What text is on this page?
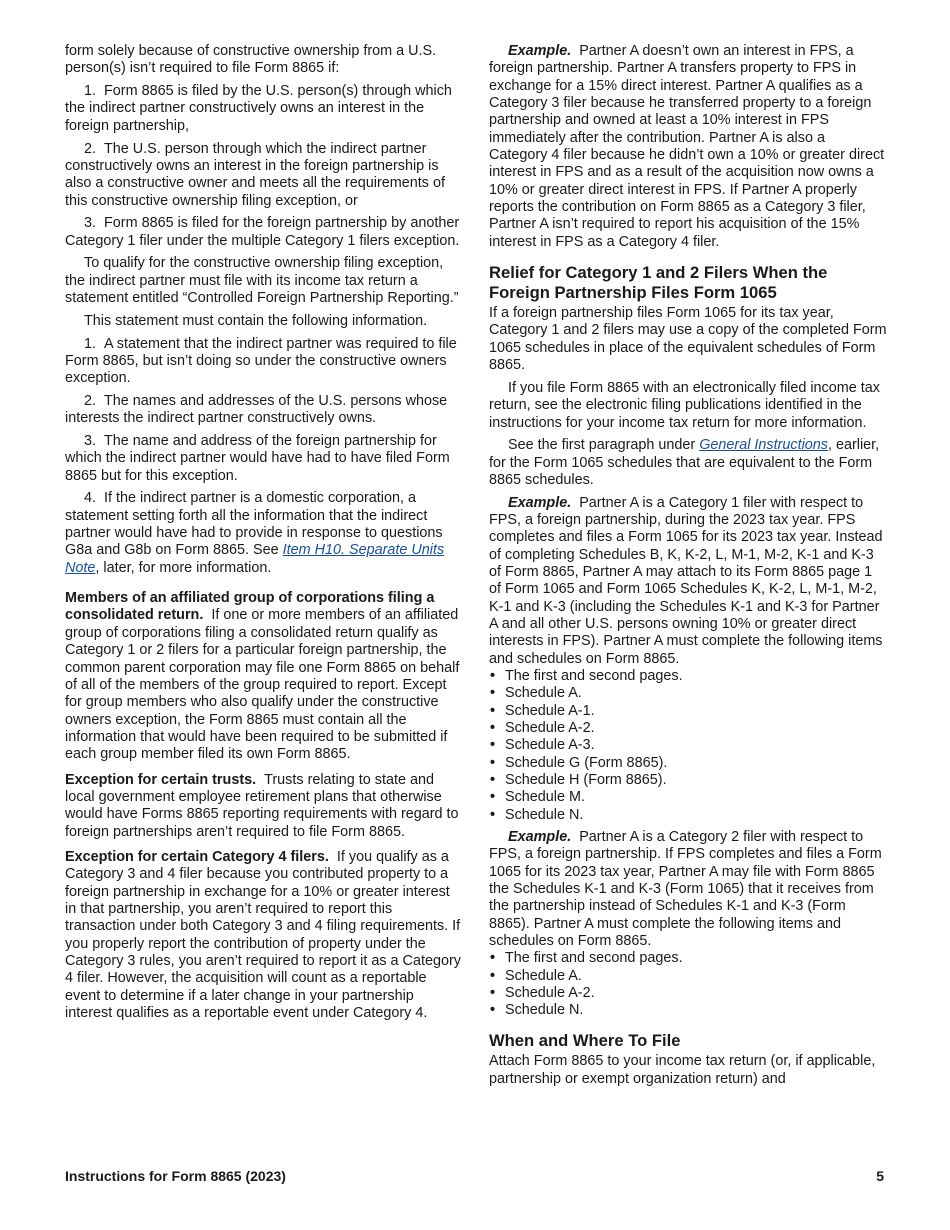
form solely because of constructive ownership from a U.S. person(s) isn’t required to file Form 8865 if:

1.  Form 8865 is filed by the U.S. person(s) through which the indirect partner constructively owns an interest in the foreign partnership,

2.  The U.S. person through which the indirect partner constructively owns an interest in the foreign partnership is also a constructive owner and meets all the requirements of this constructive ownership filing exception, or

3.  Form 8865 is filed for the foreign partnership by another Category 1 filer under the multiple Category 1 filers exception.

To qualify for the constructive ownership filing exception, the indirect partner must file with its income tax return a statement entitled “Controlled Foreign Partnership Reporting.”

This statement must contain the following information.

1.  A statement that the indirect partner was required to file Form 8865, but isn’t doing so under the constructive owners exception.

2.  The names and addresses of the U.S. persons whose interests the indirect partner constructively owns.

3.  The name and address of the foreign partnership for which the indirect partner would have had to have filed Form 8865 but for this exception.

4.  If the indirect partner is a domestic corporation, a statement setting forth all the information that the indirect partner would have had to provide in response to questions G8a and G8b on Form 8865. See Item H10. Separate Units Note, later, for more information.

Members of an affiliated group of corporations filing a consolidated return. If one or more members of an affiliated group of corporations filing a consolidated return qualify as Category 1 or 2 filers for a particular foreign partnership, the common parent corporation may file one Form 8865 on behalf of all of the members of the group required to report. Except for group members who also qualify under the constructive owners exception, the Form 8865 must contain all the information that would have been required to be submitted if each group member filed its own Form 8865.

Exception for certain trusts. Trusts relating to state and local government employee retirement plans that otherwise would have Forms 8865 reporting requirements with regard to foreign partnerships aren’t required to file Form 8865.

Exception for certain Category 4 filers. If you qualify as a Category 3 and 4 filer because you contributed property to a foreign partnership in exchange for a 10% or greater interest in that partnership, you aren’t required to report this transaction under both Category 3 and 4 filing requirements. If you properly report the contribution of property under the Category 3 rules, you aren’t required to report it as a Category 4 filer. However, the acquisition will count as a reportable event to determine if a later change in your partnership interest qualifies as a reportable event under Category 4.

Example. Partner A doesn’t own an interest in FPS, a foreign partnership. Partner A transfers property to FPS in exchange for a 15% direct interest. Partner A qualifies as a Category 3 filer because he transferred property to a foreign partnership and owned at least a 10% interest in FPS immediately after the contribution. Partner A is also a Category 4 filer because he didn’t own a 10% or greater direct interest in FPS and as a result of the acquisition now owns a 10% or greater direct interest in FPS. If Partner A properly reports the contribution on Form 8865 as a Category 3 filer, Partner A isn’t required to report his acquisition of the 15% interest in FPS as a Category 4 filer.

Relief for Category 1 and 2 Filers When the Foreign Partnership Files Form 1065

If a foreign partnership files Form 1065 for its tax year, Category 1 and 2 filers may use a copy of the completed Form 1065 schedules in place of the equivalent schedules of Form 8865.

If you file Form 8865 with an electronically filed income tax return, see the electronic filing publications identified in the instructions for your income tax return for more information.

See the first paragraph under General Instructions, earlier, for the Form 1065 schedules that are equivalent to the Form 8865 schedules.

Example. Partner A is a Category 1 filer with respect to FPS, a foreign partnership, during the 2023 tax year. FPS completes and files a Form 1065 for its 2023 tax year. Instead of completing Schedules B, K, K-2, L, M-1, M-2, K-1 and K-3 of Form 8865, Partner A may attach to its Form 8865 page 1 of Form 1065 and Form 1065 Schedules K, K-2, L, M-1, M-2, K-1 and K-3 (including the Schedules K-1 and K-3 for Partner A and all other U.S. persons owning 10% or greater direct interests in FPS). Partner A must complete the following items and schedules on Form 8865.

• The first and second pages.
• Schedule A.
• Schedule A-1.
• Schedule A-2.
• Schedule A-3.
• Schedule G (Form 8865).
• Schedule H (Form 8865).
• Schedule M.
• Schedule N.

Example. Partner A is a Category 2 filer with respect to FPS, a foreign partnership. If FPS completes and files a Form 1065 for its 2023 tax year, Partner A may file with Form 8865 the Schedules K-1 and K-3 (Form 1065) that it receives from the partnership instead of Schedules K-1 and K-3 (Form 8865). Partner A must complete the following items and schedules on Form 8865.

• The first and second pages.
• Schedule A.
• Schedule A-2.
• Schedule N.
When and Where To File

Attach Form 8865 to your income tax return (or, if applicable, partnership or exempt organization return) and

Instructions for Form 8865 (2023)	5
